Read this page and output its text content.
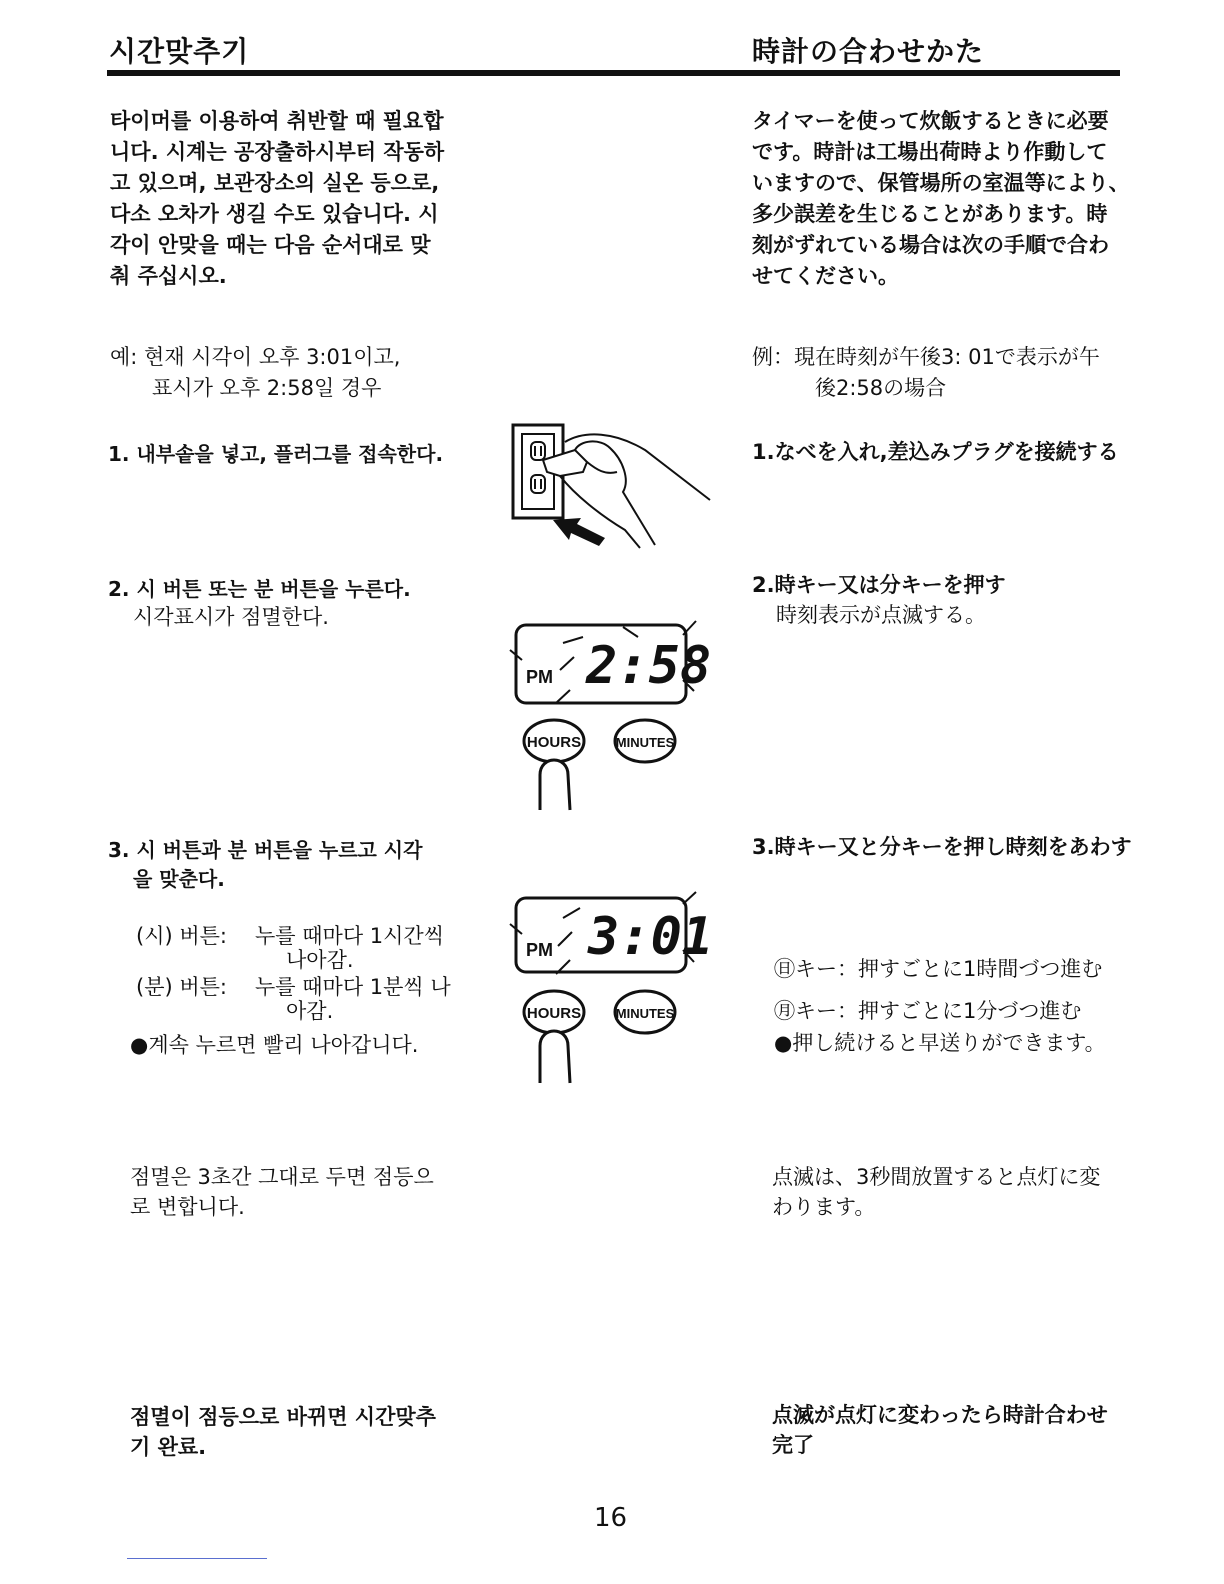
시간맞추기	時計の合わせかた
타이머를 이용하여 취반할 때 필요합
니다. 시계는 공장출하시부터 작동하
고 있으며, 보관장소의 실온 등으로,
다소 오차가 생길 수도 있습니다. 시
각이 안맞을 때는 다음 순서대로 맞
춰 주십시오.
タイマーを使って炊飯するときに必要
です。時計は工場出荷時より作動して
いますので、保管場所の室温等により、
多少誤差を生じることがあります。時
刻がずれている場合は次の手順で合わ
せてください。
예: 현재 시각이 오후 3:01이고,
표시가 오후 2:58일 경우
例：現在時刻が午後3: 01で表示が午
後2:58の場合
1. 내부솥을 넣고, 플러그를 접속한다.	1.なべを入れ,差込みプラグを接続する
2. 시 버튼 또는 분 버튼을 누른다.
시각표시가 점멸한다.
2.時キー又は分キーを押す
時刻表示が点滅する。
PM 2:58
HOURS	MINUTES
3. 시 버튼과 분 버튼을 누르고 시각
을 맞춘다.
3.時キー又と分キーを押し時刻をあわす
(시) 버튼: 누를 때마다 1시간씩
나아감.
(분) 버튼: 누를 때마다 1분씩 나
아감.
●계속 누르면 빨리 나아갑니다.
㊐キー：押すごとに1時間づつ進む
㊊キー：押すごとに1分づつ進む
●押し続けると早送りができます。
PM 3:01
HOURS	MINUTES
점멸은 3초간 그대로 두면 점등으
로 변합니다.
点滅は、3秒間放置すると点灯に変
わります。
점멸이 점등으로 바뀌면 시간맞추
기 완료.
点滅が点灯に変わったら時計合わせ
完了
16
